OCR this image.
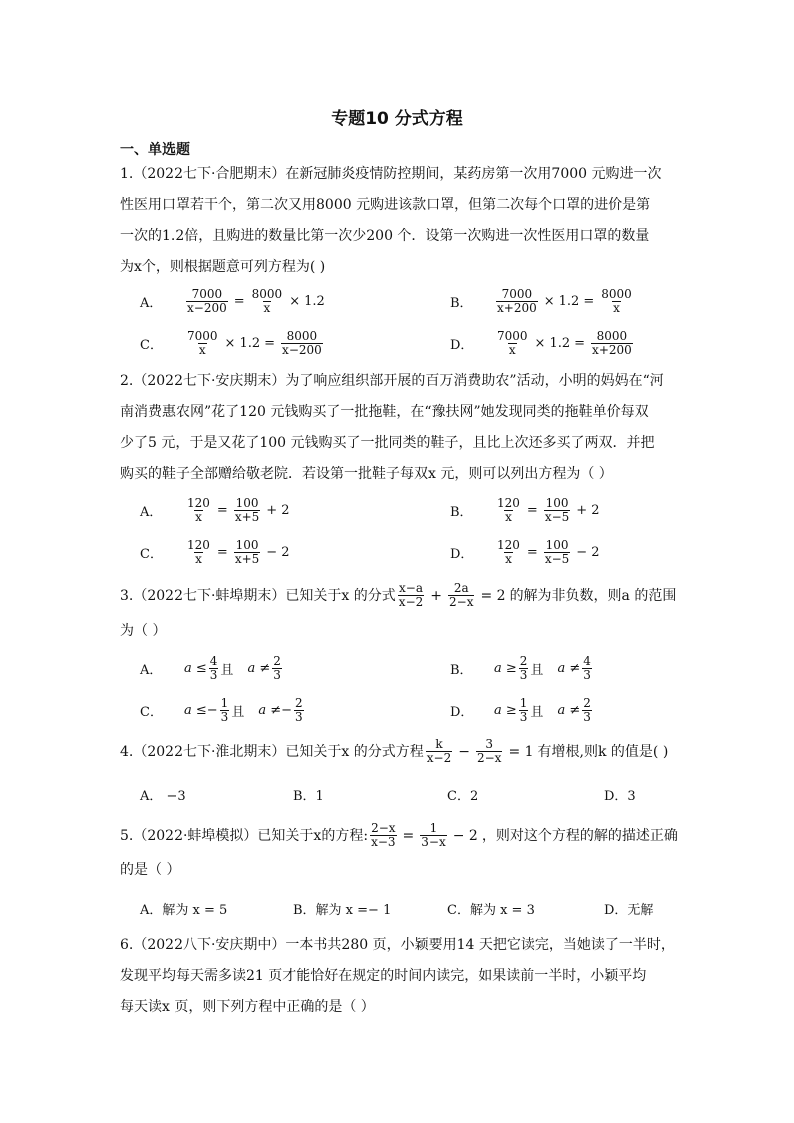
专题10 分式方程
一、单选题
1.（2022七下·合肥期末）在新冠肺炎疫情防控期间，某药房第一次用7000 元购进一次
性医用口罩若干个，第二次又用8000 元购进该款口罩，但第二次每个口罩的进价是第
一次的1.2倍，且购进的数量比第一次少200 个．设第一次购进一次性医用口罩的数量
为x个，则根据题意可列方程为( )
A．	$\frac{7000}{x-200} = \frac{8000}{x} \times 1.2$	B．	$\frac{7000}{x+200} \times 1.2 = \frac{8000}{x}$
C．	$\frac{7000}{x} \times 1.2 = \frac{8000}{x-200}$	D．	$\frac{7000}{x} \times 1.2 = \frac{8000}{x+200}$
2.（2022七下·安庆期末）为了响应组织部开展的百万消费助农”活动，小明的妈妈在“河
南消费惠农网”花了120 元钱购买了一批拖鞋，在“豫扶网”她发现同类的拖鞋单价每双
少了5 元，于是又花了100 元钱购买了一批同类的鞋子，且比上次还多买了两双．并把
购买的鞋子全部赠给敬老院．若设第一批鞋子每双x 元，则可以列出方程为（ ）
A．	$\frac{120}{x} = \frac{100}{x+5} + 2$	B．	$\frac{120}{x} = \frac{100}{x-5} + 2$
C．	$\frac{120}{x} = \frac{100}{x+5} - 2$	D．	$\frac{120}{x} = \frac{100}{x-5} - 2$
3.（2022七下·蚌埠期末）已知关于x 的分式 $\frac{x-a}{x-2} + \frac{2a}{2-x} = 2$ 的解为非负数，则a 的范围
为（ ）
A．	$a \le \frac{4}{3}$ 且 $a \ne \frac{2}{3}$	B．	$a \ge \frac{2}{3}$ 且 $a \ne \frac{4}{3}$
C．	$a \le- \frac{1}{3}$ 且 $a \ne- \frac{2}{3}$	D．	$a \ge \frac{1}{3}$ 且 $a \ne \frac{2}{3}$
4.（2022七下·淮北期末）已知关于x 的分式方程 $\frac{k}{x-2} - \frac{3}{2-x} = 1$ 有增根,则k 的值是( )
A． −3	B．1	C．2	D．3
5.（2022·蚌埠模拟）已知关于x的方程: $\frac{2-x}{x-3} = \frac{1}{3-x} - 2$ ，则对这个方程的解的描述正确
的是（ ）
A．解为 x = 5	B．解为 x =− 1	C．解为 x = 3	D．无解
6.（2022八下·安庆期中）一本书共280 页，小颖要用14 天把它读完，当她读了一半时，
发现平均每天需多读21 页才能恰好在规定的时间内读完，如果读前一半时，小颖平均
每天读x 页，则下列方程中正确的是（ ）
